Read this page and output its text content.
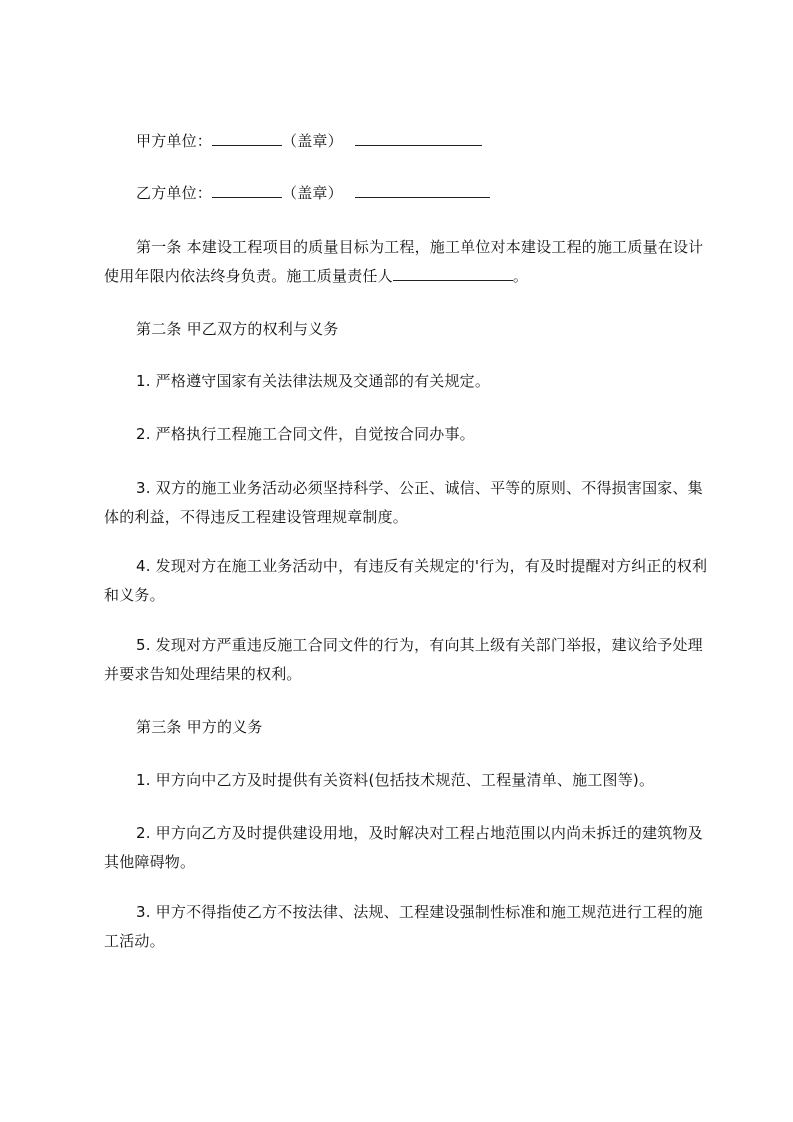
甲方单位：	（盖章）
乙方单位：	（盖章）
第一条 本建设工程项目的质量目标为工程，施工单位对本建设工程的施工质量在设计使用年限内依法终身负责。施工质量责任人	。
第二条 甲乙双方的权利与义务
1. 严格遵守国家有关法律法规及交通部的有关规定。
2. 严格执行工程施工合同文件，自觉按合同办事。
3. 双方的施工业务活动必须坚持科学、公正、诚信、平等的原则、不得损害国家、集体的利益，不得违反工程建设管理规章制度。
4. 发现对方在施工业务活动中，有违反有关规定的'行为，有及时提醒对方纠正的权利和义务。
5. 发现对方严重违反施工合同文件的行为，有向其上级有关部门举报，建议给予处理并要求告知处理结果的权利。
第三条 甲方的义务
1. 甲方向中乙方及时提供有关资料(包括技术规范、工程量清单、施工图等)。
2. 甲方向乙方及时提供建设用地，及时解决对工程占地范围以内尚未拆迁的建筑物及其他障碍物。
3. 甲方不得指使乙方不按法律、法规、工程建设强制性标准和施工规范进行工程的施工活动。
